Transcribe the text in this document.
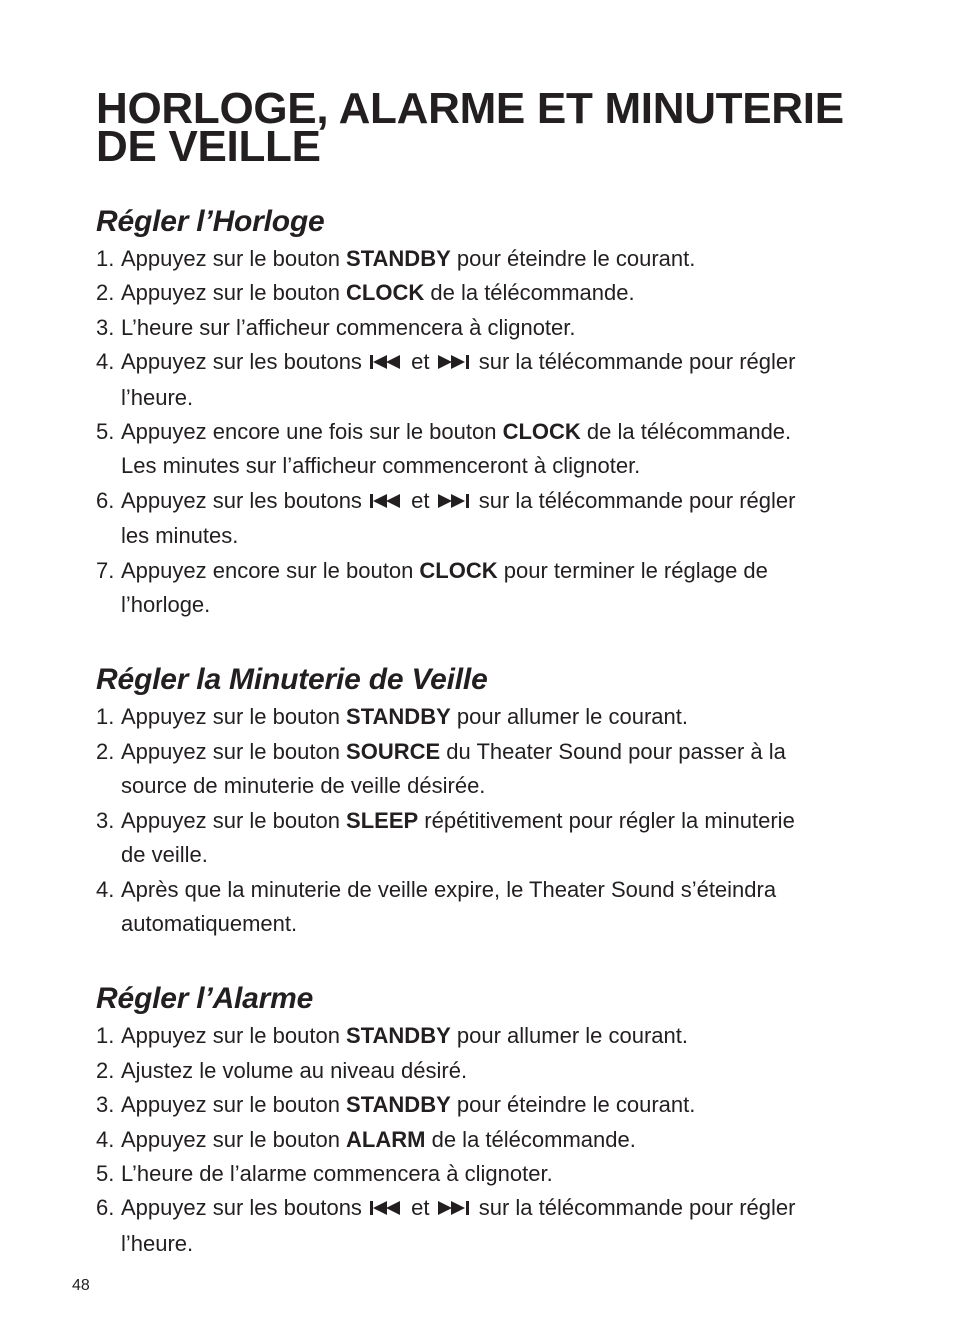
HORLOGE, ALARME ET MINUTERIE
DE VEILLE
Régler l’Horloge
1. Appuyez sur le bouton STANDBY pour éteindre le courant.
2. Appuyez sur le bouton CLOCK de la télécommande.
3. L’heure sur l’afficheur commencera à clignoter.
4. Appuyez sur les boutons  et  sur la télécommande pour régler
l’heure.
5. Appuyez encore une fois sur le bouton CLOCK de la télécommande.
Les minutes sur l’afficheur commenceront à clignoter.
6. Appuyez sur les boutons  et  sur la télécommande pour régler
les minutes.
7. Appuyez encore sur le bouton CLOCK pour terminer le réglage de
l’horloge.
Régler la Minuterie de Veille
1. Appuyez sur le bouton STANDBY pour allumer le courant.
2. Appuyez sur le bouton SOURCE du Theater Sound pour passer à la
source de minuterie de veille désirée.
3. Appuyez sur le bouton SLEEP répétitivement pour régler la minuterie
de veille.
4. Après que la minuterie de veille expire, le Theater Sound s’éteindra
automatiquement.
Régler l’Alarme
1. Appuyez sur le bouton STANDBY pour allumer le courant.
2. Ajustez le volume au niveau désiré.
3. Appuyez sur le bouton STANDBY pour éteindre le courant.
4. Appuyez sur le bouton ALARM de la télécommande.
5. L’heure de l’alarme commencera à clignoter.
6. Appuyez sur les boutons  et  sur la télécommande pour régler
l’heure.
48
